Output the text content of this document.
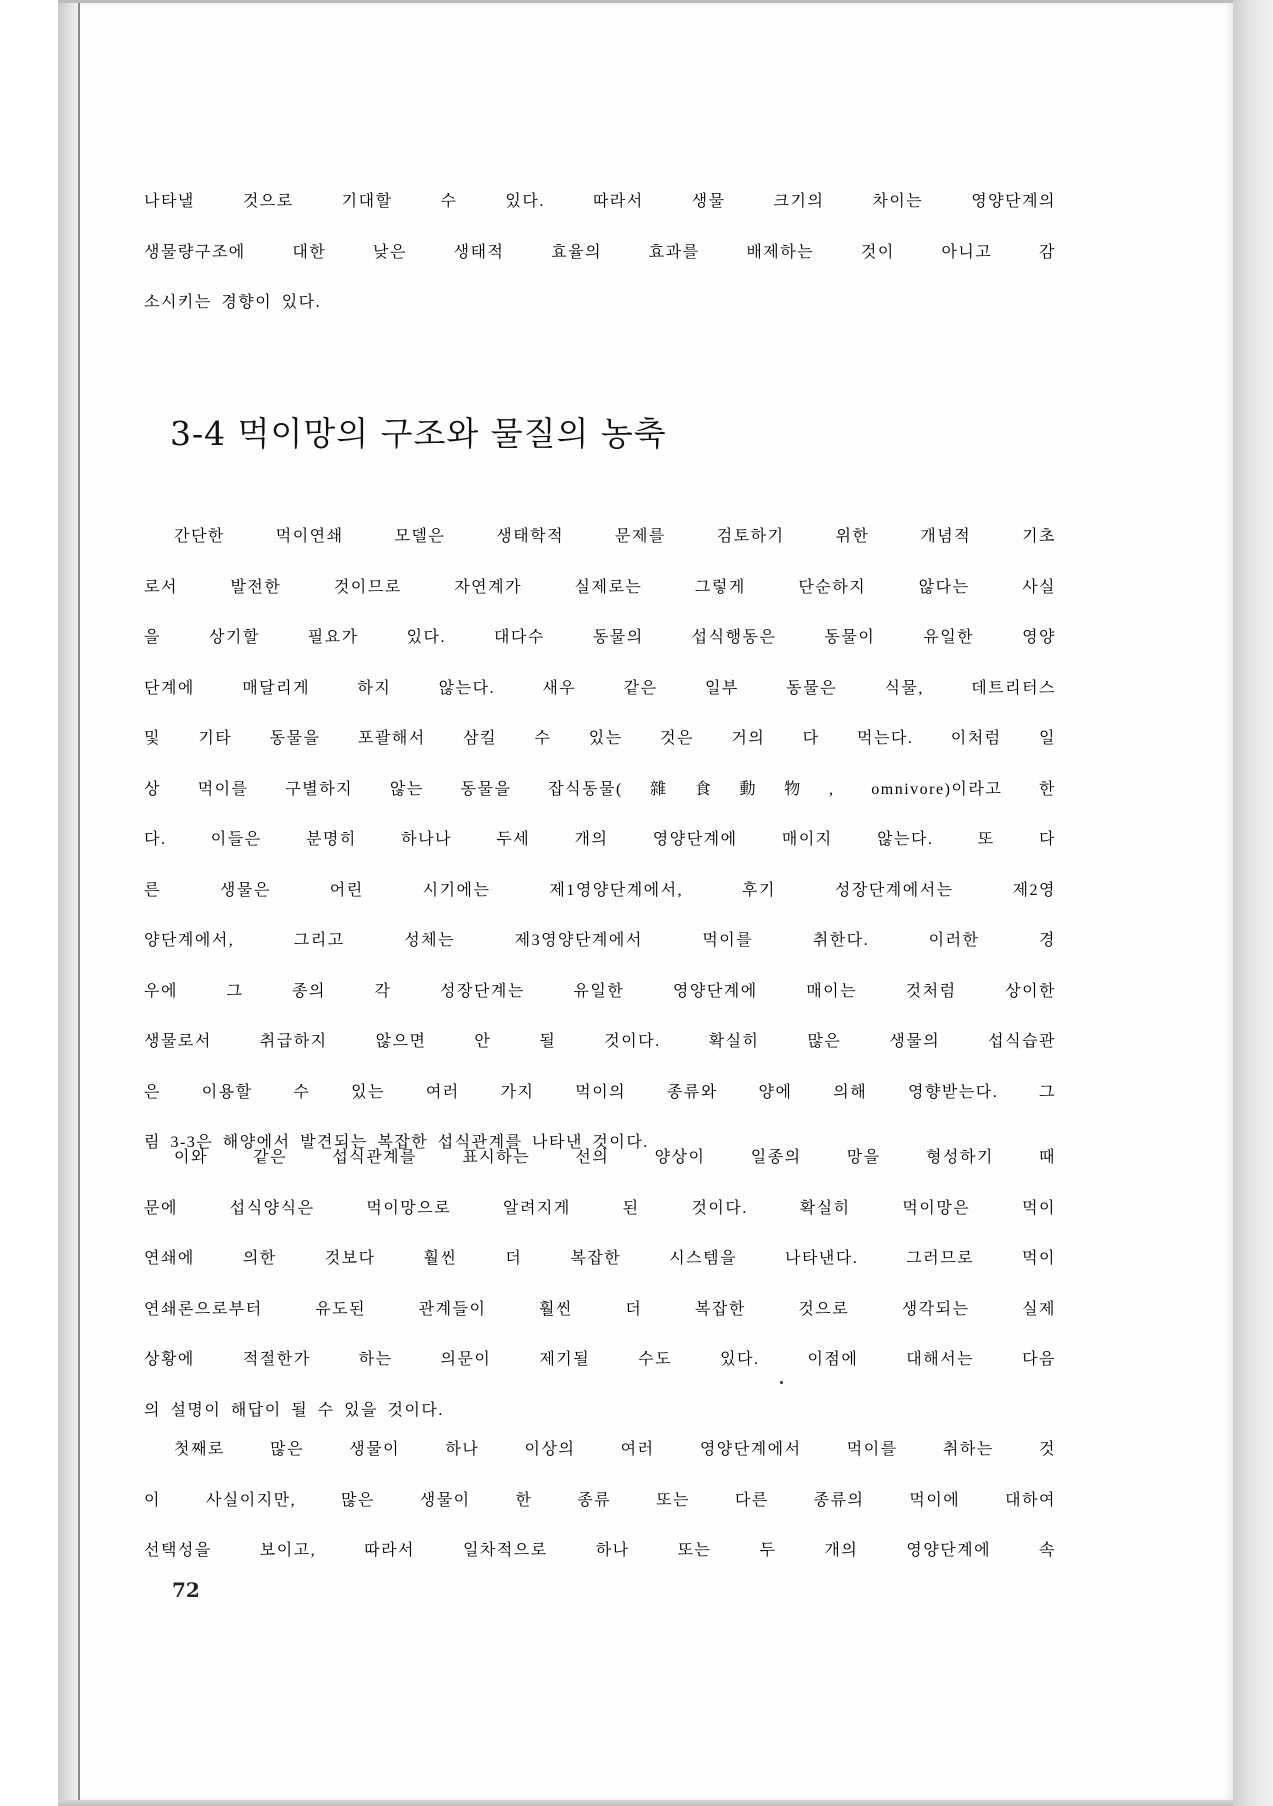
나타낼 것으로 기대할 수 있다. 따라서 생물 크기의 차이는 영양단계의
생물량구조에 대한 낮은 생태적 효율의 효과를 배제하는 것이 아니고 감
소시키는 경향이 있다.
3-4 먹이망의 구조와 물질의 농축
간단한 먹이연쇄 모델은 생태학적 문제를 검토하기 위한 개념적 기초
로서 발전한 것이므로 자연계가 실제로는 그렇게 단순하지 않다는 사실
을 상기할 필요가 있다. 대다수 동물의 섭식행동은 동물이 유일한 영양
단계에 매달리게 하지 않는다. 새우 같은 일부 동물은 식물, 데트리터스
및 기타 동물을 포괄해서 삼킬 수 있는 것은 거의 다 먹는다. 이처럼 일
상 먹이를 구별하지 않는 동물을 잡식동물(雜食動物, omnivore)이라고 한
다. 이들은 분명히 하나나 두세 개의 영양단계에 매이지 않는다. 또 다
른 생물은 어린 시기에는 제1영양단계에서, 후기 성장단계에서는 제2영
양단계에서, 그리고 성체는 제3영양단계에서 먹이를 취한다. 이러한 경
우에 그 종의 각 성장단계는 유일한 영양단계에 매이는 것처럼 상이한
생물로서 취급하지 않으면 안 될 것이다. 확실히 많은 생물의 섭식습관
은 이용할 수 있는 여러 가지 먹이의 종류와 양에 의해 영향받는다. 그
림 3-3은 해양에서 발견되는 복잡한 섭식관계를 나타낸 것이다.
이와 같은 섭식관계를 표시하는 선의 양상이 일종의 망을 형성하기 때
문에 섭식양식은 먹이망으로 알려지게 된 것이다. 확실히 먹이망은 먹이
연쇄에 의한 것보다 훨씬 더 복잡한 시스템을 나타낸다. 그러므로 먹이
연쇄론으로부터 유도된 관계들이 훨씬 더 복잡한 것으로 생각되는 실제
상황에 적절한가 하는 의문이 제기될 수도 있다. 이점에 대해서는 다음
의 설명이 해답이 될 수 있을 것이다.
첫째로 많은 생물이 하나 이상의 여러 영양단계에서 먹이를 취하는 것
이 사실이지만, 많은 생물이 한 종류 또는 다른 종류의 먹이에 대하여
선택성을 보이고, 따라서 일차적으로 하나 또는 두 개의 영양단계에 속

72
